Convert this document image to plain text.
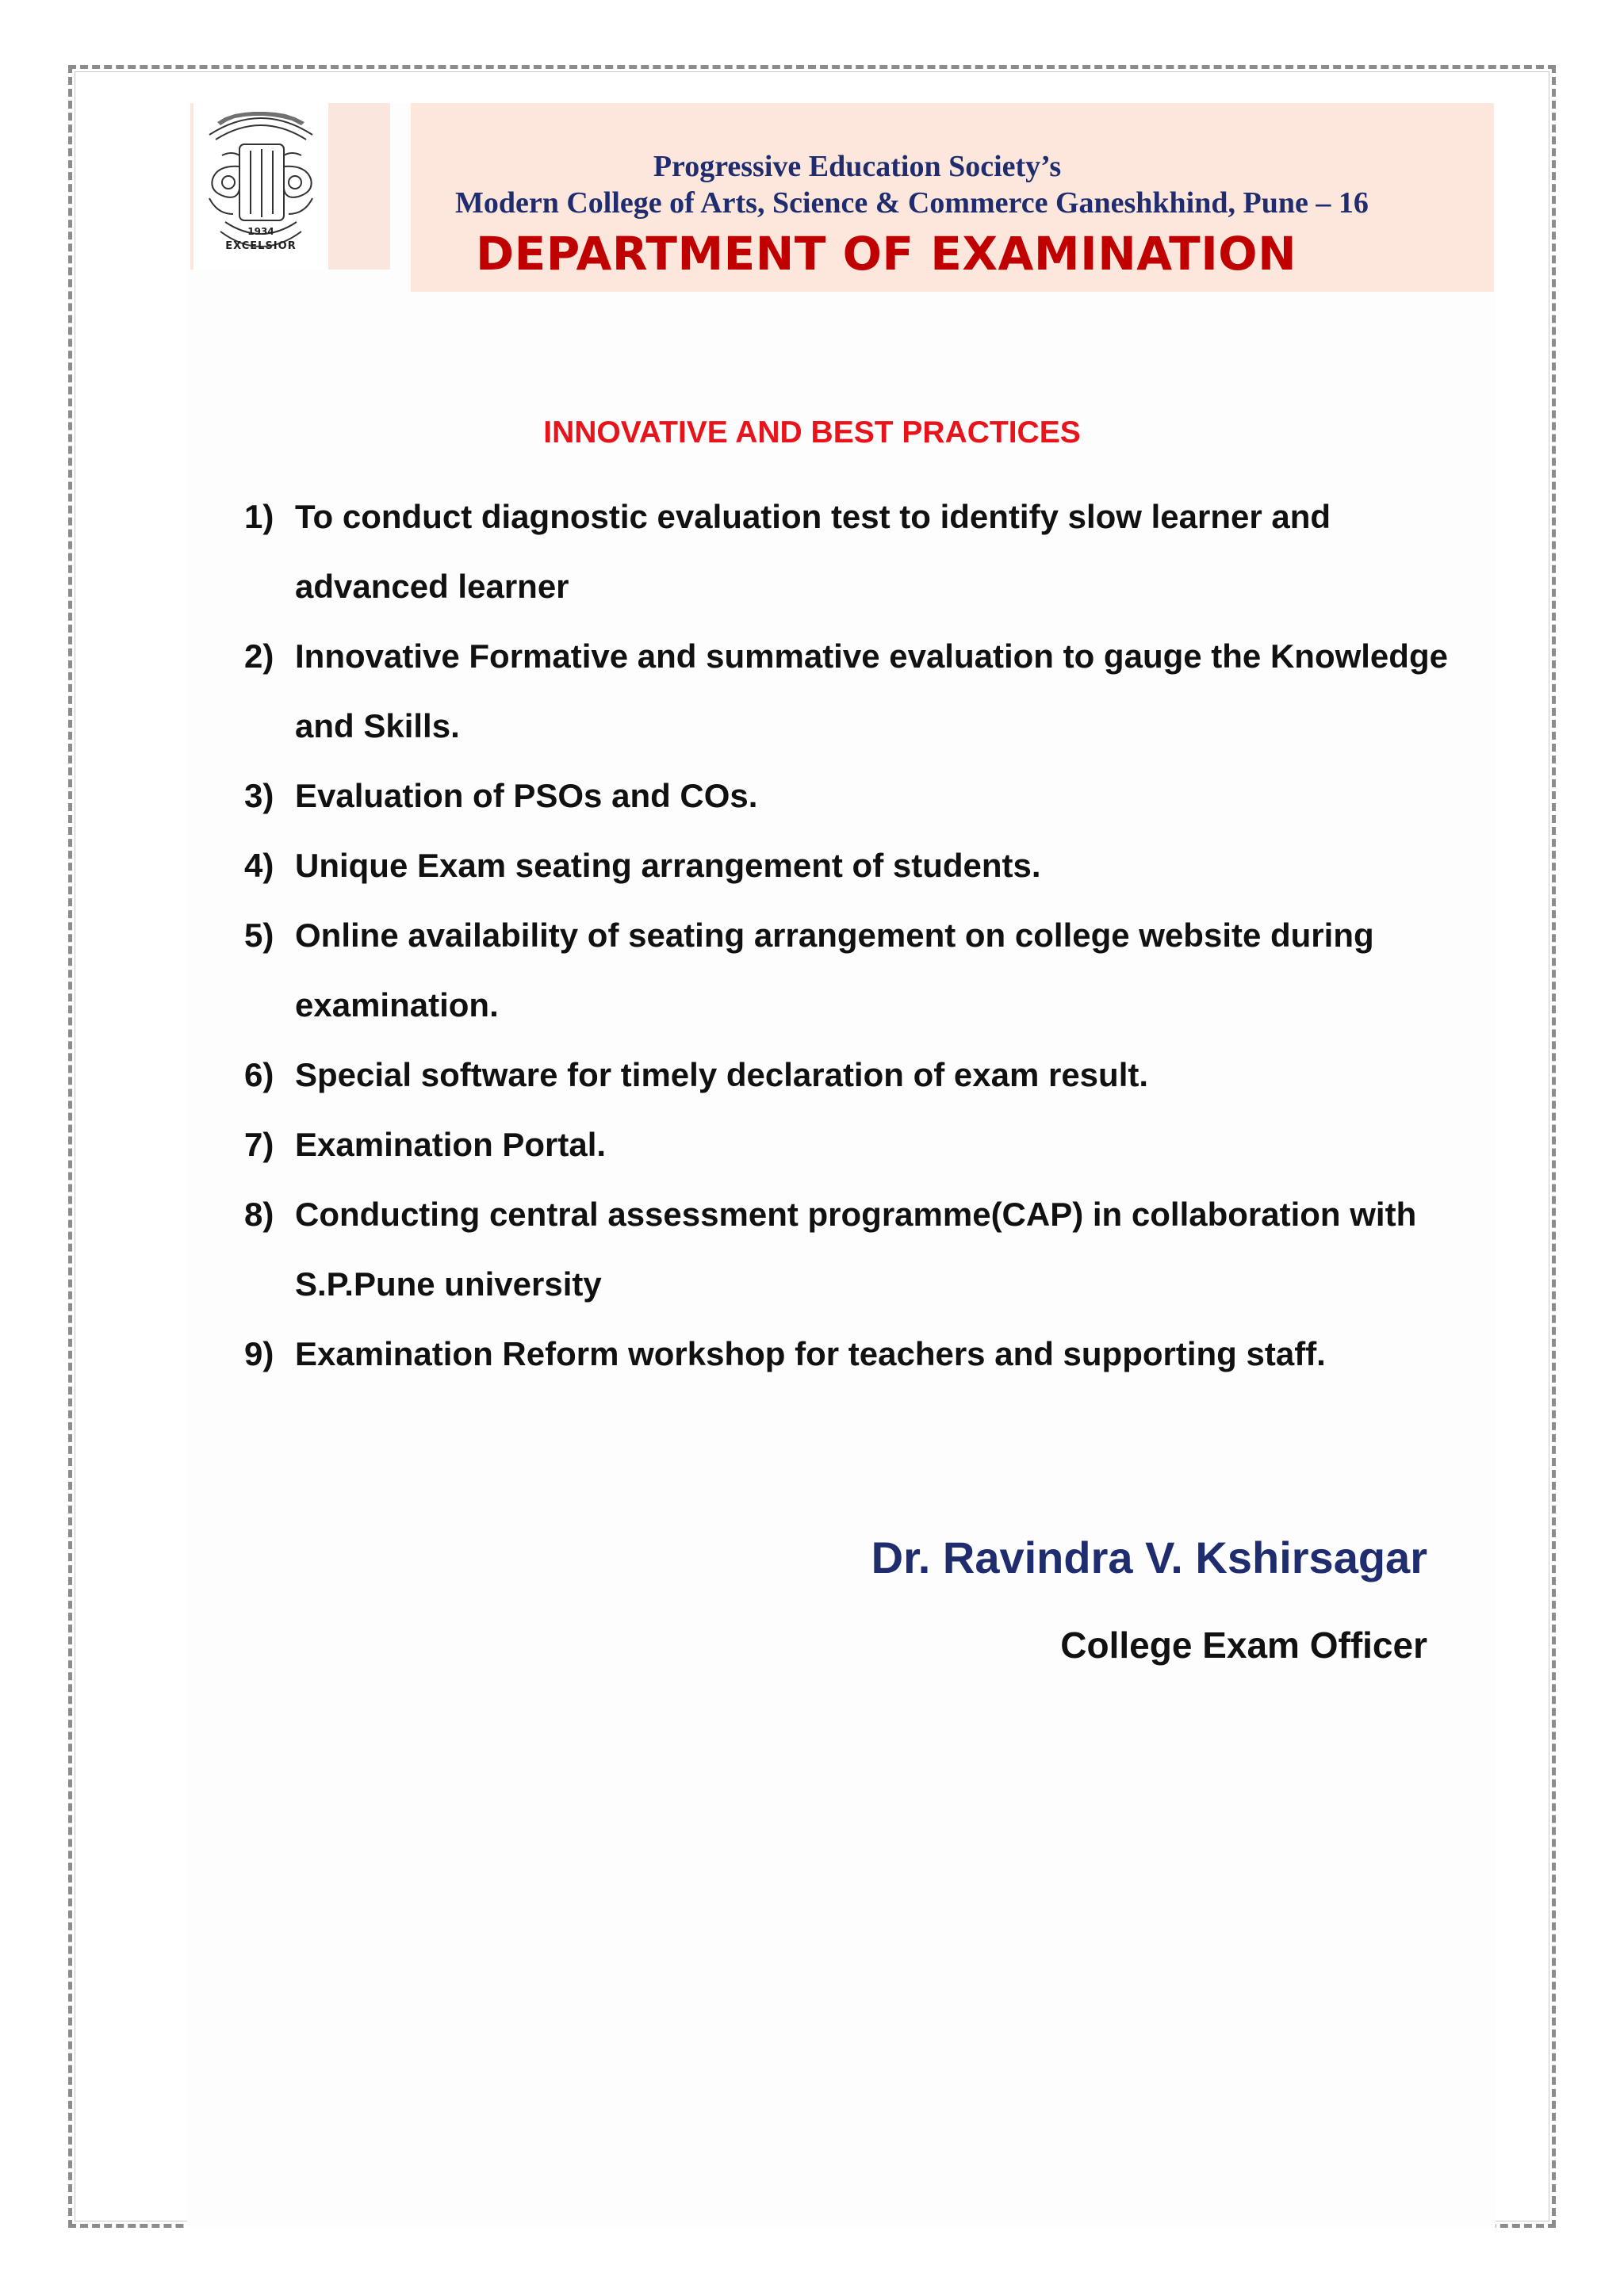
1934
EXCELSIOR
Progressive Education Society’s
Modern College of Arts, Science & Commerce Ganeshkhind, Pune – 16
DEPARTMENT OF EXAMINATION
INNOVATIVE AND BEST PRACTICES
1) To conduct diagnostic evaluation test to identify slow learner and advanced learner
2) Innovative Formative and summative evaluation to gauge the Knowledge and Skills.
3) Evaluation of PSOs and COs.
4) Unique Exam seating arrangement of students.
5) Online availability of seating arrangement on college website during examination.
6) Special software for timely declaration of exam result.
7) Examination Portal.
8) Conducting central assessment programme(CAP) in collaboration with S.P.Pune university
9) Examination Reform workshop for teachers and supporting staff.
Dr. Ravindra V. Kshirsagar
College Exam Officer
